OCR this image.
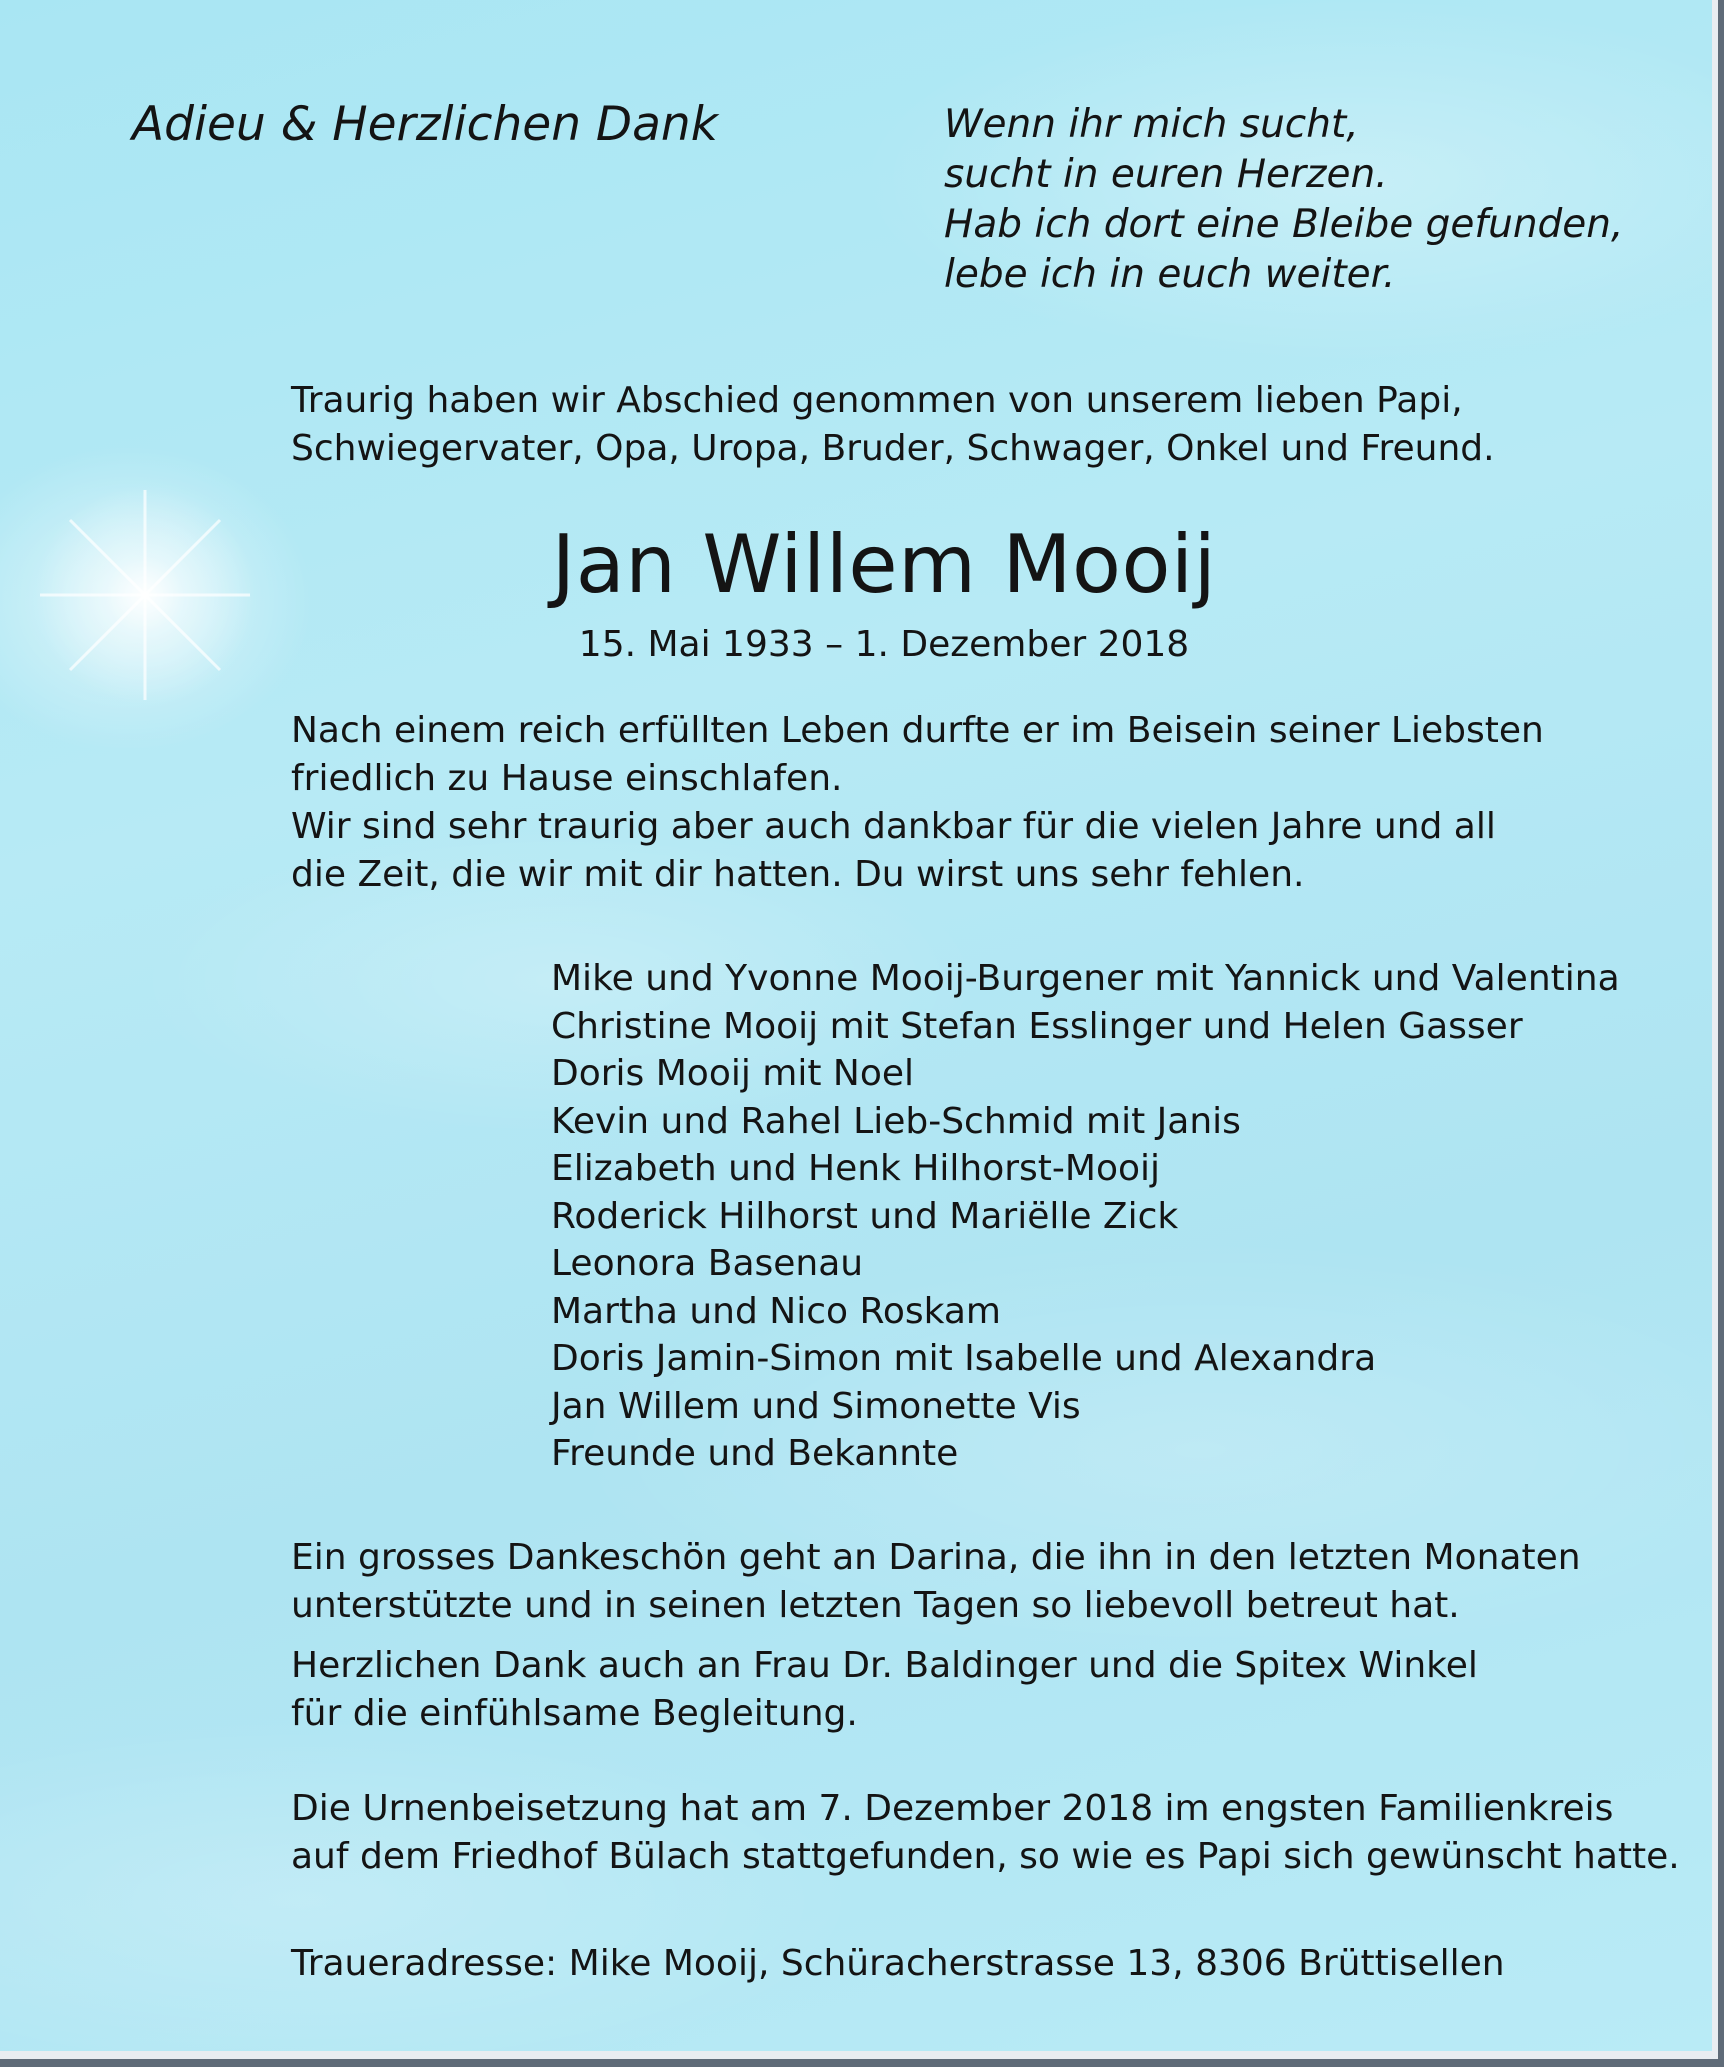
Adieu & Herzlichen Dank	Wenn ihr mich sucht,
sucht in euren Herzen.
Hab ich dort eine Bleibe gefunden,
lebe ich in euch weiter.

Traurig haben wir Abschied genommen von unserem lieben Papi,
Schwiegervater, Opa, Uropa, Bruder, Schwager, Onkel und Freund.

Jan Willem Mooij

15. Mai 1933 – 1. Dezember 2018

Nach einem reich erfüllten Leben durfte er im Beisein seiner Liebsten
friedlich zu Hause einschlafen.
Wir sind sehr traurig aber auch dankbar für die vielen Jahre und all
die Zeit, die wir mit dir hatten. Du wirst uns sehr fehlen.

Mike und Yvonne Mooij-Burgener mit Yannick und Valentina
Christine Mooij mit Stefan Esslinger und Helen Gasser
Doris Mooij mit Noel
Kevin und Rahel Lieb-Schmid mit Janis
Elizabeth und Henk Hilhorst-Mooij
Roderick Hilhorst und Mariëlle Zick
Leonora Basenau
Martha und Nico Roskam
Doris Jamin-Simon mit Isabelle und Alexandra
Jan Willem und Simonette Vis
Freunde und Bekannte

Ein grosses Dankeschön geht an Darina, die ihn in den letzten Monaten
unterstützte und in seinen letzten Tagen so liebevoll betreut hat.

Herzlichen Dank auch an Frau Dr. Baldinger und die Spitex Winkel
für die einfühlsame Begleitung.

Die Urnenbeisetzung hat am 7. Dezember 2018 im engsten Familienkreis
auf dem Friedhof Bülach stattgefunden, so wie es Papi sich gewünscht hatte.

Traueradresse: Mike Mooij, Schüracherstrasse 13, 8306 Brüttisellen
